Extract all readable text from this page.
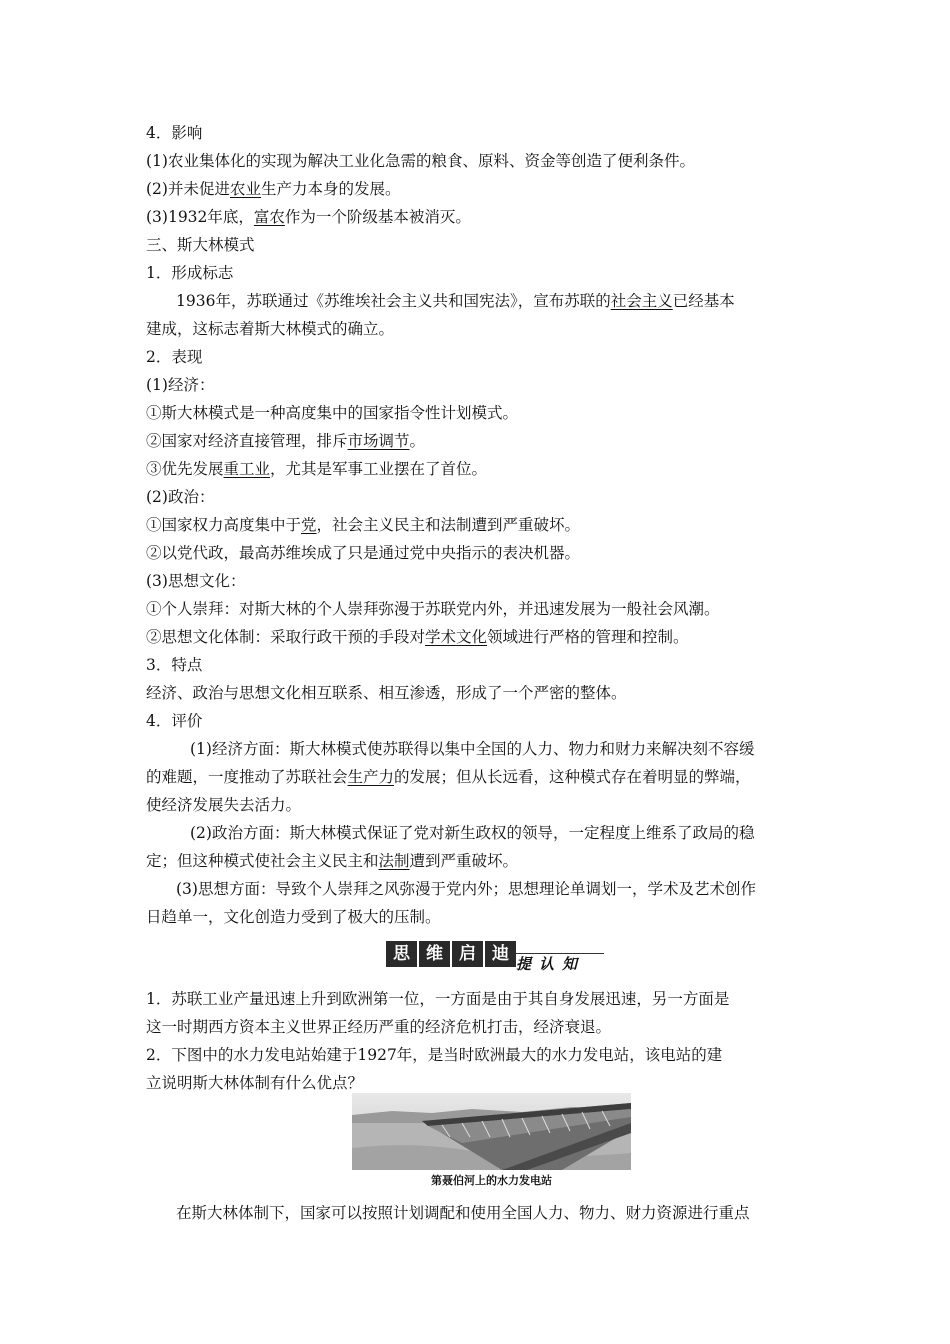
4．影响
(1)农业集体化的实现为解决工业化急需的粮食、原料、资金等创造了便利条件。
(2)并未促进农业生产力本身的发展。
(3)1932年底，富农作为一个阶级基本被消灭。
三、斯大林模式
1．形成标志
1936年，苏联通过《苏维埃社会主义共和国宪法》，宣布苏联的社会主义已经基本
建成，这标志着斯大林模式的确立。
2．表现
(1)经济：
①斯大林模式是一种高度集中的国家指令性计划模式。
②国家对经济直接管理，排斥市场调节。
③优先发展重工业，尤其是军事工业摆在了首位。
(2)政治：
①国家权力高度集中于党，社会主义民主和法制遭到严重破坏。
②以党代政，最高苏维埃成了只是通过党中央指示的表决机器。
(3)思想文化：
①个人崇拜：对斯大林的个人崇拜弥漫于苏联党内外，并迅速发展为一般社会风潮。
②思想文化体制：采取行政干预的手段对学术文化领域进行严格的管理和控制。
3．特点
经济、政治与思想文化相互联系、相互渗透，形成了一个严密的整体。
4．评价
(1)经济方面：斯大林模式使苏联得以集中全国的人力、物力和财力来解决刻不容缓
的难题，一度推动了苏联社会生产力的发展；但从长远看，这种模式存在着明显的弊端，
使经济发展失去活力。
(2)政治方面：斯大林模式保证了党对新生政权的领导，一定程度上维系了政局的稳
定；但这种模式使社会主义民主和法制遭到严重破坏。
(3)思想方面：导致个人崇拜之风弥漫于党内外；思想理论单调划一，学术及艺术创作
日趋单一，文化创造力受到了极大的压制。
1．苏联工业产量迅速上升到欧洲第一位，一方面是由于其自身发展迅速，另一方面是
这一时期西方资本主义世界正经历严重的经济危机打击，经济衰退。
2．下图中的水力发电站始建于1927年，是当时欧洲最大的水力发电站，该电站的建
立说明斯大林体制有什么优点？
在斯大林体制下，国家可以按照计划调配和使用全国人力、物力、财力资源进行重点
思 维 启 迪 提认知
第聂伯河上的水力发电站
